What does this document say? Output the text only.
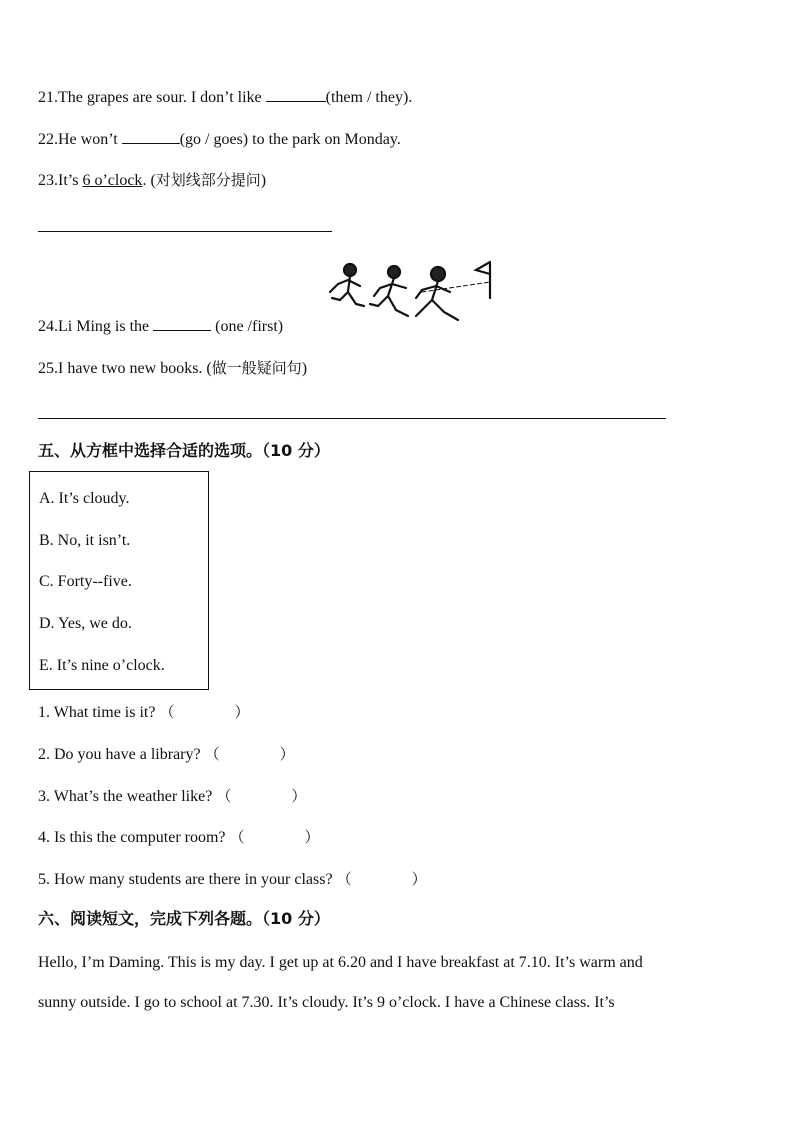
21.The grapes are sour. I don’t like	(them / they).
22.He won’t	(go / goes) to the park on Monday.
23.It’s 6 o’clock. (对划线部分提问)
24.Li Ming is the	(one /first)
25.I have two new books. (做一般疑问句)
五、从方框中选择合适的选项。（10 分）
A. It’s cloudy.
B. No, it isn’t.
C. Forty--five.
D. Yes, we do.
E. It’s nine o’clock.
1. What time is it? （　　　　）
2. Do you have a library? （　　　　）
3. What’s the weather like? （　　　　）
4. Is this the computer room? （　　　　）
5. How many students are there in your class? （　　　　）
六、阅读短文，完成下列各题。（10 分）
Hello, I’m Daming. This is my day. I get up at 6.20 and I have breakfast at 7.10. It’s warm and
sunny outside. I go to school at 7.30. It’s cloudy. It’s 9 o’clock. I have a Chinese class. It’s
